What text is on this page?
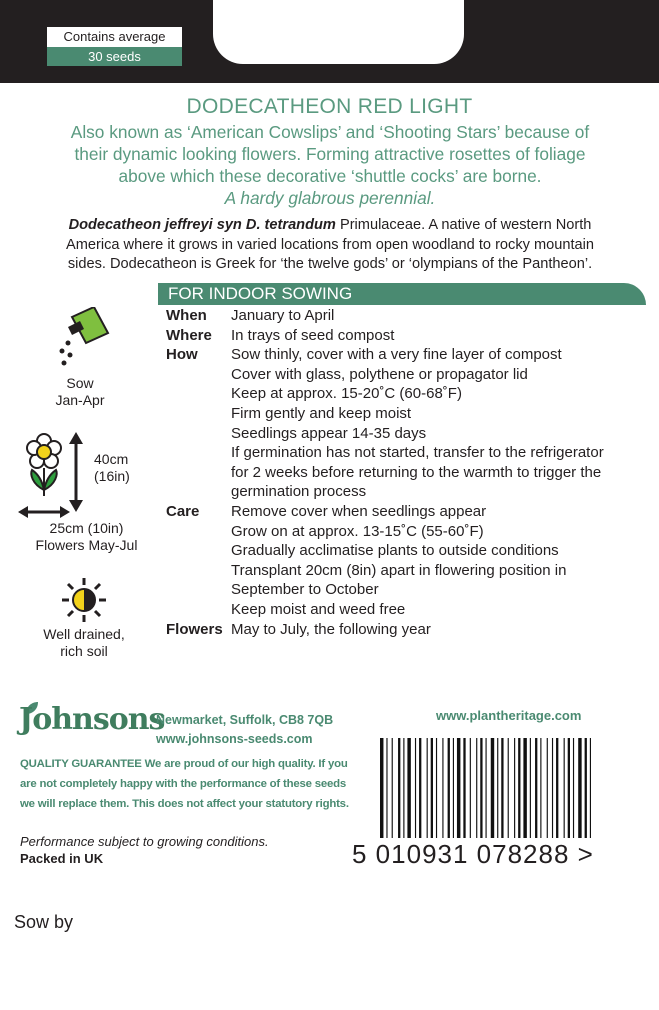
Contains average
30 seeds
DODECATHEON RED LIGHT
Also known as ‘American Cowslips’ and ‘Shooting Stars’ because of
their dynamic looking flowers. Forming attractive rosettes of foliage
above which these decorative ‘shuttle cocks’ are borne.
A hardy glabrous perennial.
Dodecatheon jeffreyi syn D. tetrandum Primulaceae. A native of western North
America where it grows in varied locations from open woodland to rocky mountain
sides. Dodecatheon is Greek for ‘the twelve gods’ or ‘olympians of the Pantheon’.
FOR INDOOR SOWING
When	January to April
Where	In trays of seed compost
How	Sow thinly, cover with a very fine layer of compost
Cover with glass, polythene or propagator lid
Keep at approx. 15-20˚C (60-68˚F)
Firm gently and keep moist
Seedlings appear 14-35 days
If germination has not started, transfer to the refrigerator
for 2 weeks before returning to the warmth to trigger the
germination process
Care	Remove cover when seedlings appear
Grow on at approx. 13-15˚C (55-60˚F)
Gradually acclimatise plants to outside conditions
Transplant 20cm (8in) apart in flowering position in
September to October
Keep moist and weed free
Flowers May to July, the following year
Sow
Jan-Apr
40cm
(16in)
25cm (10in)
Flowers May-Jul
Well drained,
rich soil
Johnsons
Newmarket, Suffolk, CB8 7QB
www.johnsons-seeds.com
www.plantheritage.com
QUALITY GUARANTEE We are proud of our high quality. If you
are not completely happy with the performance of these seeds
we will replace them. This does not affect your statutory rights.
Performance subject to growing conditions.
Packed in UK	5 010931 078288 >
Sow by
